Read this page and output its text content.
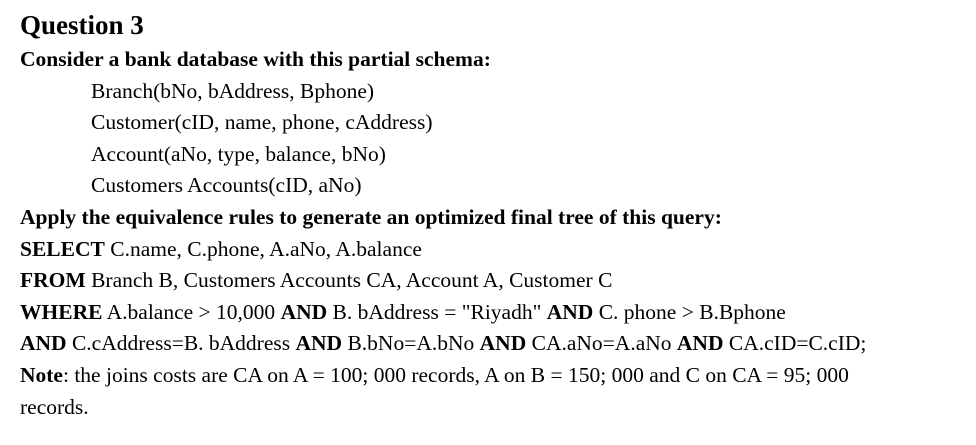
Question 3

Consider a bank database with this partial schema:

Branch(bNo, bAddress, Bphone)

Customer(cID, name, phone, cAddress)

Account(aNo, type, balance, bNo)

Customers Accounts(cID, aNo)

Apply the equivalence rules to generate an optimized final tree of this query:

SELECT C.name, C.phone, A.aNo, A.balance

FROM Branch B, Customers Accounts CA, Account A, Customer C

WHERE A.balance > 10,000 AND B. bAddress = "Riyadh" AND C. phone > B.Bphone

AND C.cAddress=B. bAddress AND B.bNo=A.bNo AND CA.aNo=A.aNo AND CA.cID=C.cID;

Note: the joins costs are CA on A = 100; 000 records, A on B = 150; 000 and C on CA = 95; 000

records.
